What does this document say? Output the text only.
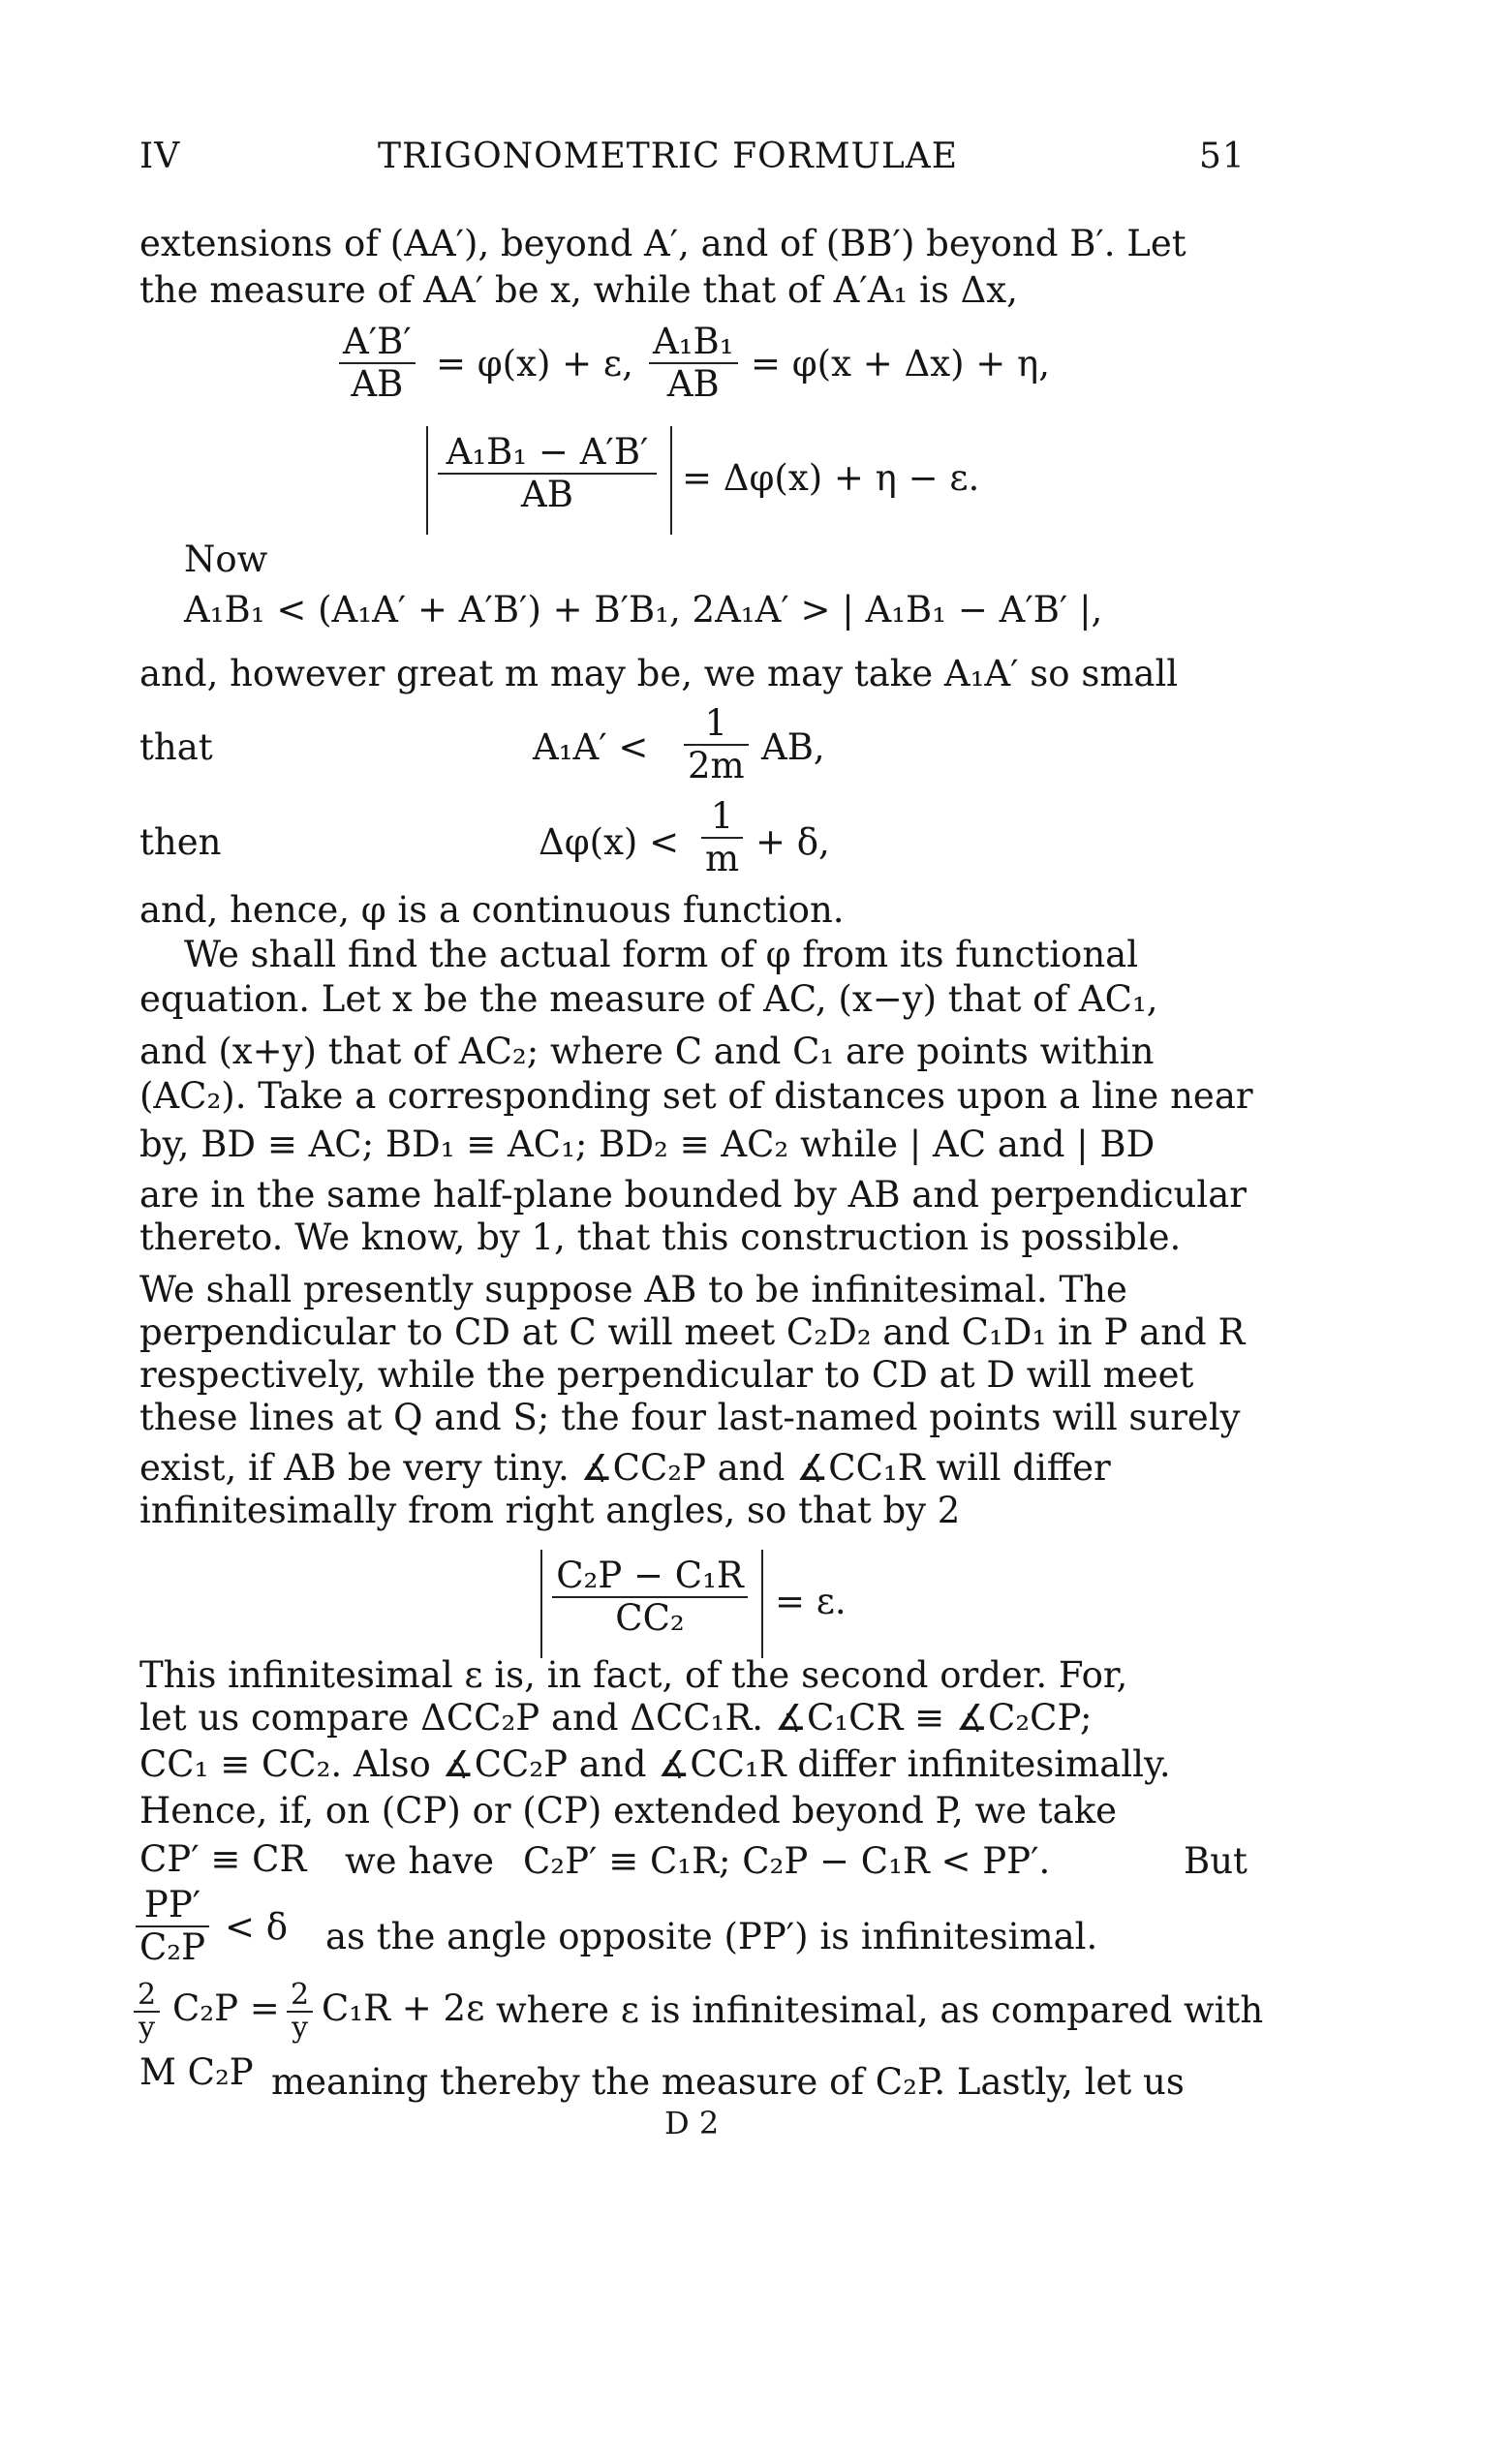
IV	TRIGONOMETRIC FORMULAE	51
extensions of (AA′), beyond A′, and of (BB′) beyond B′. Let
the measure of AA′ be x, while that of A′A₁ is Δx,
$\frac{A'B'}{AB} = \varphi(x) + \varepsilon$, $\frac{\text{A₁B₁}}{AB} = \varphi(x + \Delta x) + \eta$,
$\frac{\text{A₁B₁ − A′B′}}{AB} = \Delta\varphi(x) + \eta - \varepsilon$.
Now
A₁B₁ < (A₁A′ + A′B′) + B′B₁, 2A₁A′ > | A₁B₁ − A′B′ |,
and, however great m may be, we may take A₁A′ so small
that	$A_1A' < \frac{1}{2m}$ AB,
then	$\Delta\varphi(x) < \frac{1}{m} + \delta$,
and, hence, φ is a continuous function.
We shall find the actual form of φ from its functional
equation. Let x be the measure of AC, (x−y) that of AC₁,
and (x+y) that of AC₂; where C and C₁ are points within
(AC₂). Take a corresponding set of distances upon a line near
by, BD ≡ AC; BD₁ ≡ AC₁; BD₂ ≡ AC₂ while | AC and | BD
are in the same half-plane bounded by AB and perpendicular
thereto. We know, by 1, that this construction is possible.
We shall presently suppose AB to be infinitesimal. The
perpendicular to CD at C will meet C₂D₂ and C₁D₁ in P and R
respectively, while the perpendicular to CD at D will meet
these lines at Q and S; the four last-named points will surely
exist, if AB be very tiny. ∡CC₂P and ∡CC₁R will differ
infinitesimally from right angles, so that by 2
$\frac{\text{C₂P − C₁R}}{\text{CC₂}} = \varepsilon$.
This infinitesimal ε is, in fact, of the second order. For,
let us compare ΔCC₂P and ΔCC₁R. ∡C₁CR ≡ ∡C₂CP;
CC₁ ≡ CC₂. Also ∡CC₂P and ∡CC₁R differ infinitesimally.
Hence, if, on (CP) or (CP) extended beyond P, we take
CP′ ≡ CR we have C₂P′ ≡ C₁R; C₂P − C₁R < PP′.	But
$\frac{PP'}{\text{C₂P}} < \delta$ as the angle opposite (PP′) is infinitesimal.
$\frac{2}{y} C_2P = \frac{2}{y} C_1R + 2\varepsilon$ where ε is infinitesimal, as compared with
M C₂P meaning thereby the measure of C₂P. Lastly, let us
D 2
